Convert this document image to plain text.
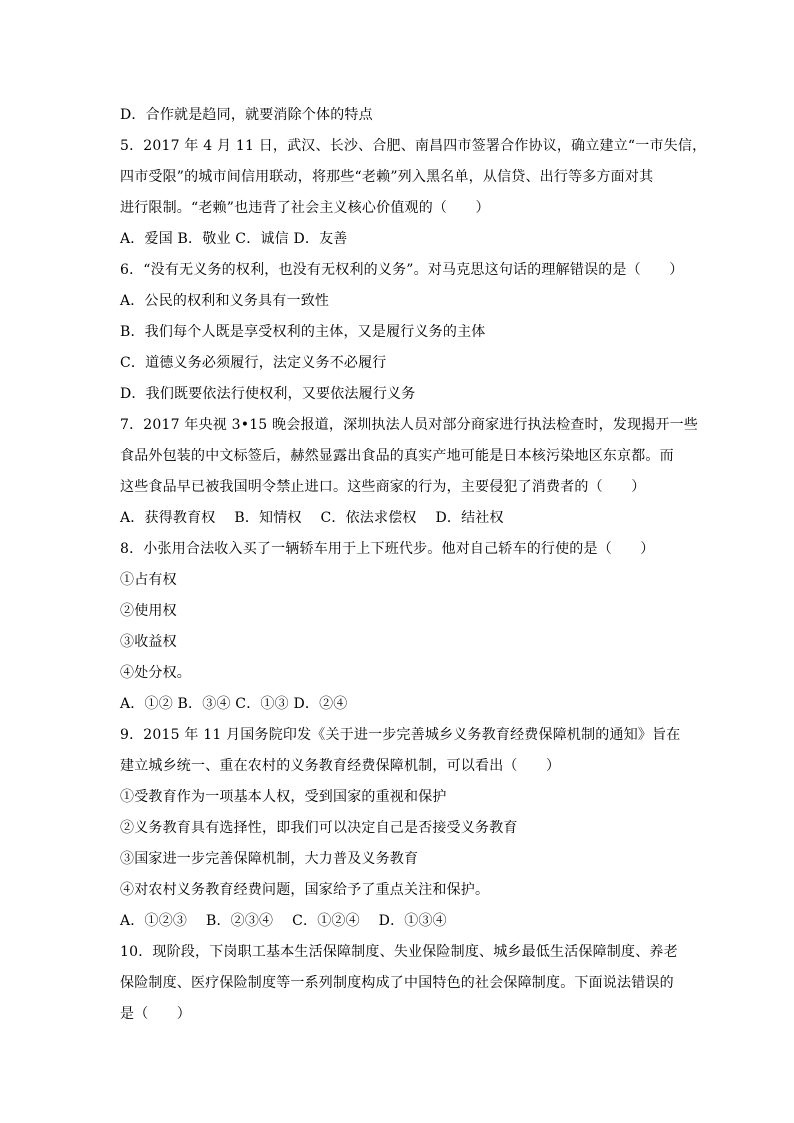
D．合作就是趋同，就要消除个体的特点
5．2017 年 4 月 11 日，武汉、长沙、合肥、南昌四市签署合作协议，确立建立“一市失信，
四市受限”的城市间信用联动，将那些“老赖”列入黑名单，从信贷、出行等多方面对其
进行限制。“老赖”也违背了社会主义核心价值观的（　　）
A．爱国 B．敬业 C．诚信 D．友善
6．“没有无义务的权利，也没有无权利的义务”。对马克思这句话的理解错误的是（　　）
A．公民的权利和义务具有一致性
B．我们每个人既是享受权利的主体，又是履行义务的主体
C．道德义务必须履行，法定义务不必履行
D．我们既要依法行使权利，又要依法履行义务
7．2017 年央视 3•15 晚会报道，深圳执法人员对部分商家进行执法检查时，发现揭开一些
食品外包装的中文标签后，赫然显露出食品的真实产地可能是日本核污染地区东京都。而
这些食品早已被我国明令禁止进口。这些商家的行为，主要侵犯了消费者的（　　）
A．获得教育权　 B．知情权　 C．依法求偿权　 D．结社权
8．小张用合法收入买了一辆轿车用于上下班代步。他对自己轿车的行使的是（　　）
①占有权
②使用权
③收益权
④处分权。
A．①② B．③④ C．①③ D．②④
9．2015 年 11 月国务院印发《关于进一步完善城乡义务教育经费保障机制的通知》旨在
建立城乡统一、重在农村的义务教育经费保障机制，可以看出（　　）
①受教育作为一项基本人权，受到国家的重视和保护
②义务教育具有选择性，即我们可以决定自己是否接受义务教育
③国家进一步完善保障机制，大力普及义务教育
④对农村义务教育经费问题，国家给予了重点关注和保护。
A．①②③　 B．②③④　 C．①②④　 D．①③④
10．现阶段，下岗职工基本生活保障制度、失业保险制度、城乡最低生活保障制度、养老
保险制度、医疗保险制度等一系列制度构成了中国特色的社会保障制度。下面说法错误的
是（　　）
